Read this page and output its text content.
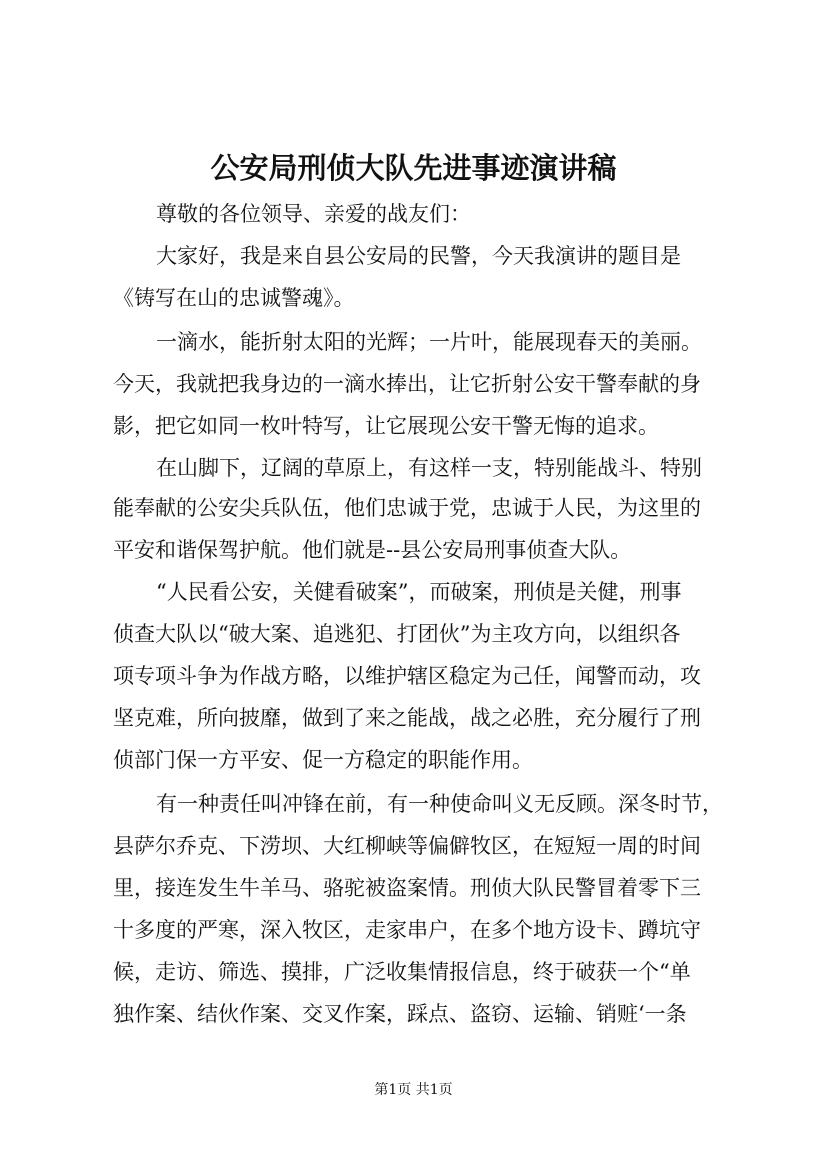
公安局刑侦大队先进事迹演讲稿
尊敬的各位领导、亲爱的战友们：
大家好，我是来自县公安局的民警，今天我演讲的题目是
《铸写在山的忠诚警魂》。
一滴水，能折射太阳的光辉；一片叶，能展现春天的美丽。
今天，我就把我身边的一滴水捧出，让它折射公安干警奉献的身
影，把它如同一枚叶特写，让它展现公安干警无悔的追求。
在山脚下，辽阔的草原上，有这样一支，特别能战斗、特别
能奉献的公安尖兵队伍，他们忠诚于党，忠诚于人民，为这里的
平安和谐保驾护航。他们就是--县公安局刑事侦查大队。
“人民看公安，关健看破案”，而破案，刑侦是关健，刑事
侦查大队以“破大案、追逃犯、打团伙”为主攻方向，以组织各
项专项斗争为作战方略，以维护辖区稳定为己任，闻警而动，攻
坚克难，所向披靡，做到了来之能战，战之必胜，充分履行了刑
侦部门保一方平安、促一方稳定的职能作用。
有一种责任叫冲锋在前，有一种使命叫义无反顾。深冬时节，
县萨尔乔克、下涝坝、大红柳峡等偏僻牧区，在短短一周的时间
里，接连发生牛羊马、骆驼被盗案情。刑侦大队民警冒着零下三
十多度的严寒，深入牧区，走家串户，在多个地方设卡、蹲坑守
候，走访、筛选、摸排，广泛收集情报信息，终于破获一个“单
独作案、结伙作案、交叉作案，踩点、盗窃、运输、销赃‘一条
第1页 共1页
